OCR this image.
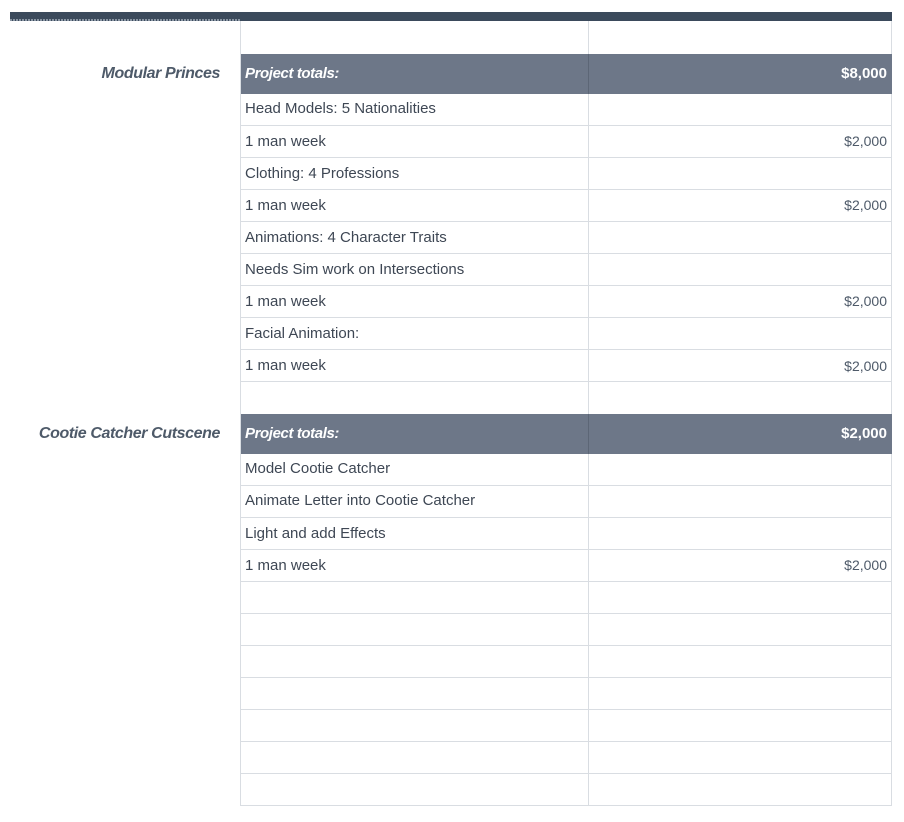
Modular Princes Project totals:	$8,000
Head Models: 5 Nationalities
1 man week	$2,000
Clothing: 4 Professions
1 man week	$2,000
Animations: 4 Character Traits
Needs Sim work on Intersections
1 man week	$2,000
Facial Animation:
1 man week	$2,000
Cootie Catcher Cutscene Project totals:	$2,000
Model Cootie Catcher
Animate Letter into Cootie Catcher
Light and add Effects
1 man week	$2,000
